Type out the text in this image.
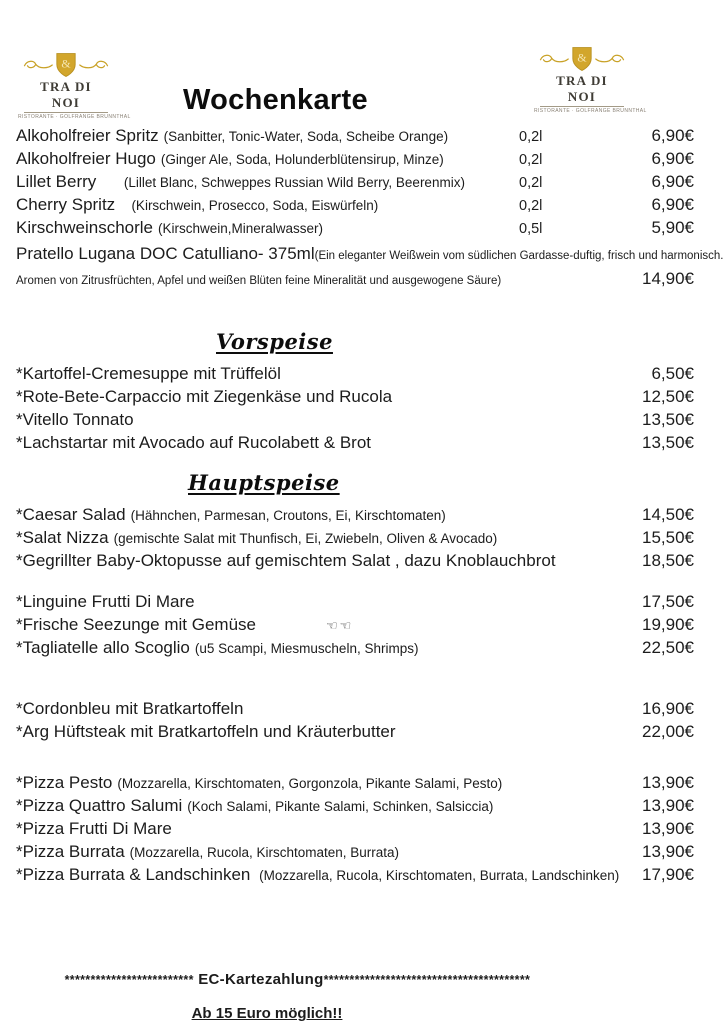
&
TRA DI NOI
RISTORANTE · GOLFRANGE BRUNNTHAL
&
TRA DI NOI
RISTORANTE · GOLFRANGE BRUNNTHAL
Wochenkarte
Alkoholfreier Spritz (Sanbitter, Tonic-Water, Soda, Scheibe Orange)	0,2l	6,90€
Alkoholfreier Hugo (Ginger Ale, Soda, Holunderblütensirup, Minze)	0,2l	6,90€
Lillet Berry (Lillet Blanc, Schweppes Russian Wild Berry, Beerenmix)	0,2l	6,90€
Cherry Spritz (Kirschwein, Prosecco, Soda, Eiswürfeln)	0,2l	6,90€
Kirschweinschorle (Kirschwein,Mineralwasser)	0,5l	5,90€
Pratello Lugana DOC Catulliano- 375ml (Ein eleganter Weißwein vom südlichen Gardasse-duftig, frisch und harmonisch.
Aromen von Zitrusfrüchten, Apfel und weißen Blüten feine Mineralität und ausgewogene Säure)	14,90€
Vorspeise
*Kartoffel-Cremesuppe mit Trüffelöl	6,50€
*Rote-Bete-Carpaccio mit Ziegenkäse und Rucola	12,50€
*Vitello Tonnato	13,50€
*Lachstartar mit Avocado auf Rucolabett & Brot	13,50€
Hauptspeise
*Caesar Salad (Hähnchen, Parmesan, Croutons, Ei, Kirschtomaten)	14,50€
*Salat Nizza (gemischte Salat mit Thunfisch, Ei, Zwiebeln, Oliven & Avocado)	15,50€
*Gegrillter Baby-Oktopusse auf gemischtem Salat , dazu Knoblauchbrot	18,50€
*Linguine Frutti Di Mare	17,50€
*Frische Seezunge mit Gemüse	☜☜	19,90€
*Tagliatelle allo Scoglio (u5 Scampi, Miesmuscheln, Shrimps)	22,50€
*Cordonbleu mit Bratkartoffeln	16,90€
*Arg Hüftsteak mit Bratkartoffeln und Kräuterbutter	22,00€
*Pizza Pesto (Mozzarella, Kirschtomaten, Gorgonzola, Pikante Salami, Pesto)	13,90€
*Pizza Quattro Salumi (Koch Salami, Pikante Salami, Schinken, Salsiccia)	13,90€
*Pizza Frutti Di Mare	13,90€
*Pizza Burrata (Mozzarella, Rucola, Kirschtomaten, Burrata)	13,90€
*Pizza Burrata & Landschinken (Mozzarella, Rucola, Kirschtomaten, Burrata, Landschinken)	17,90€

************************* EC-Kartezahlung****************************************

Ab 15 Euro möglich!!
